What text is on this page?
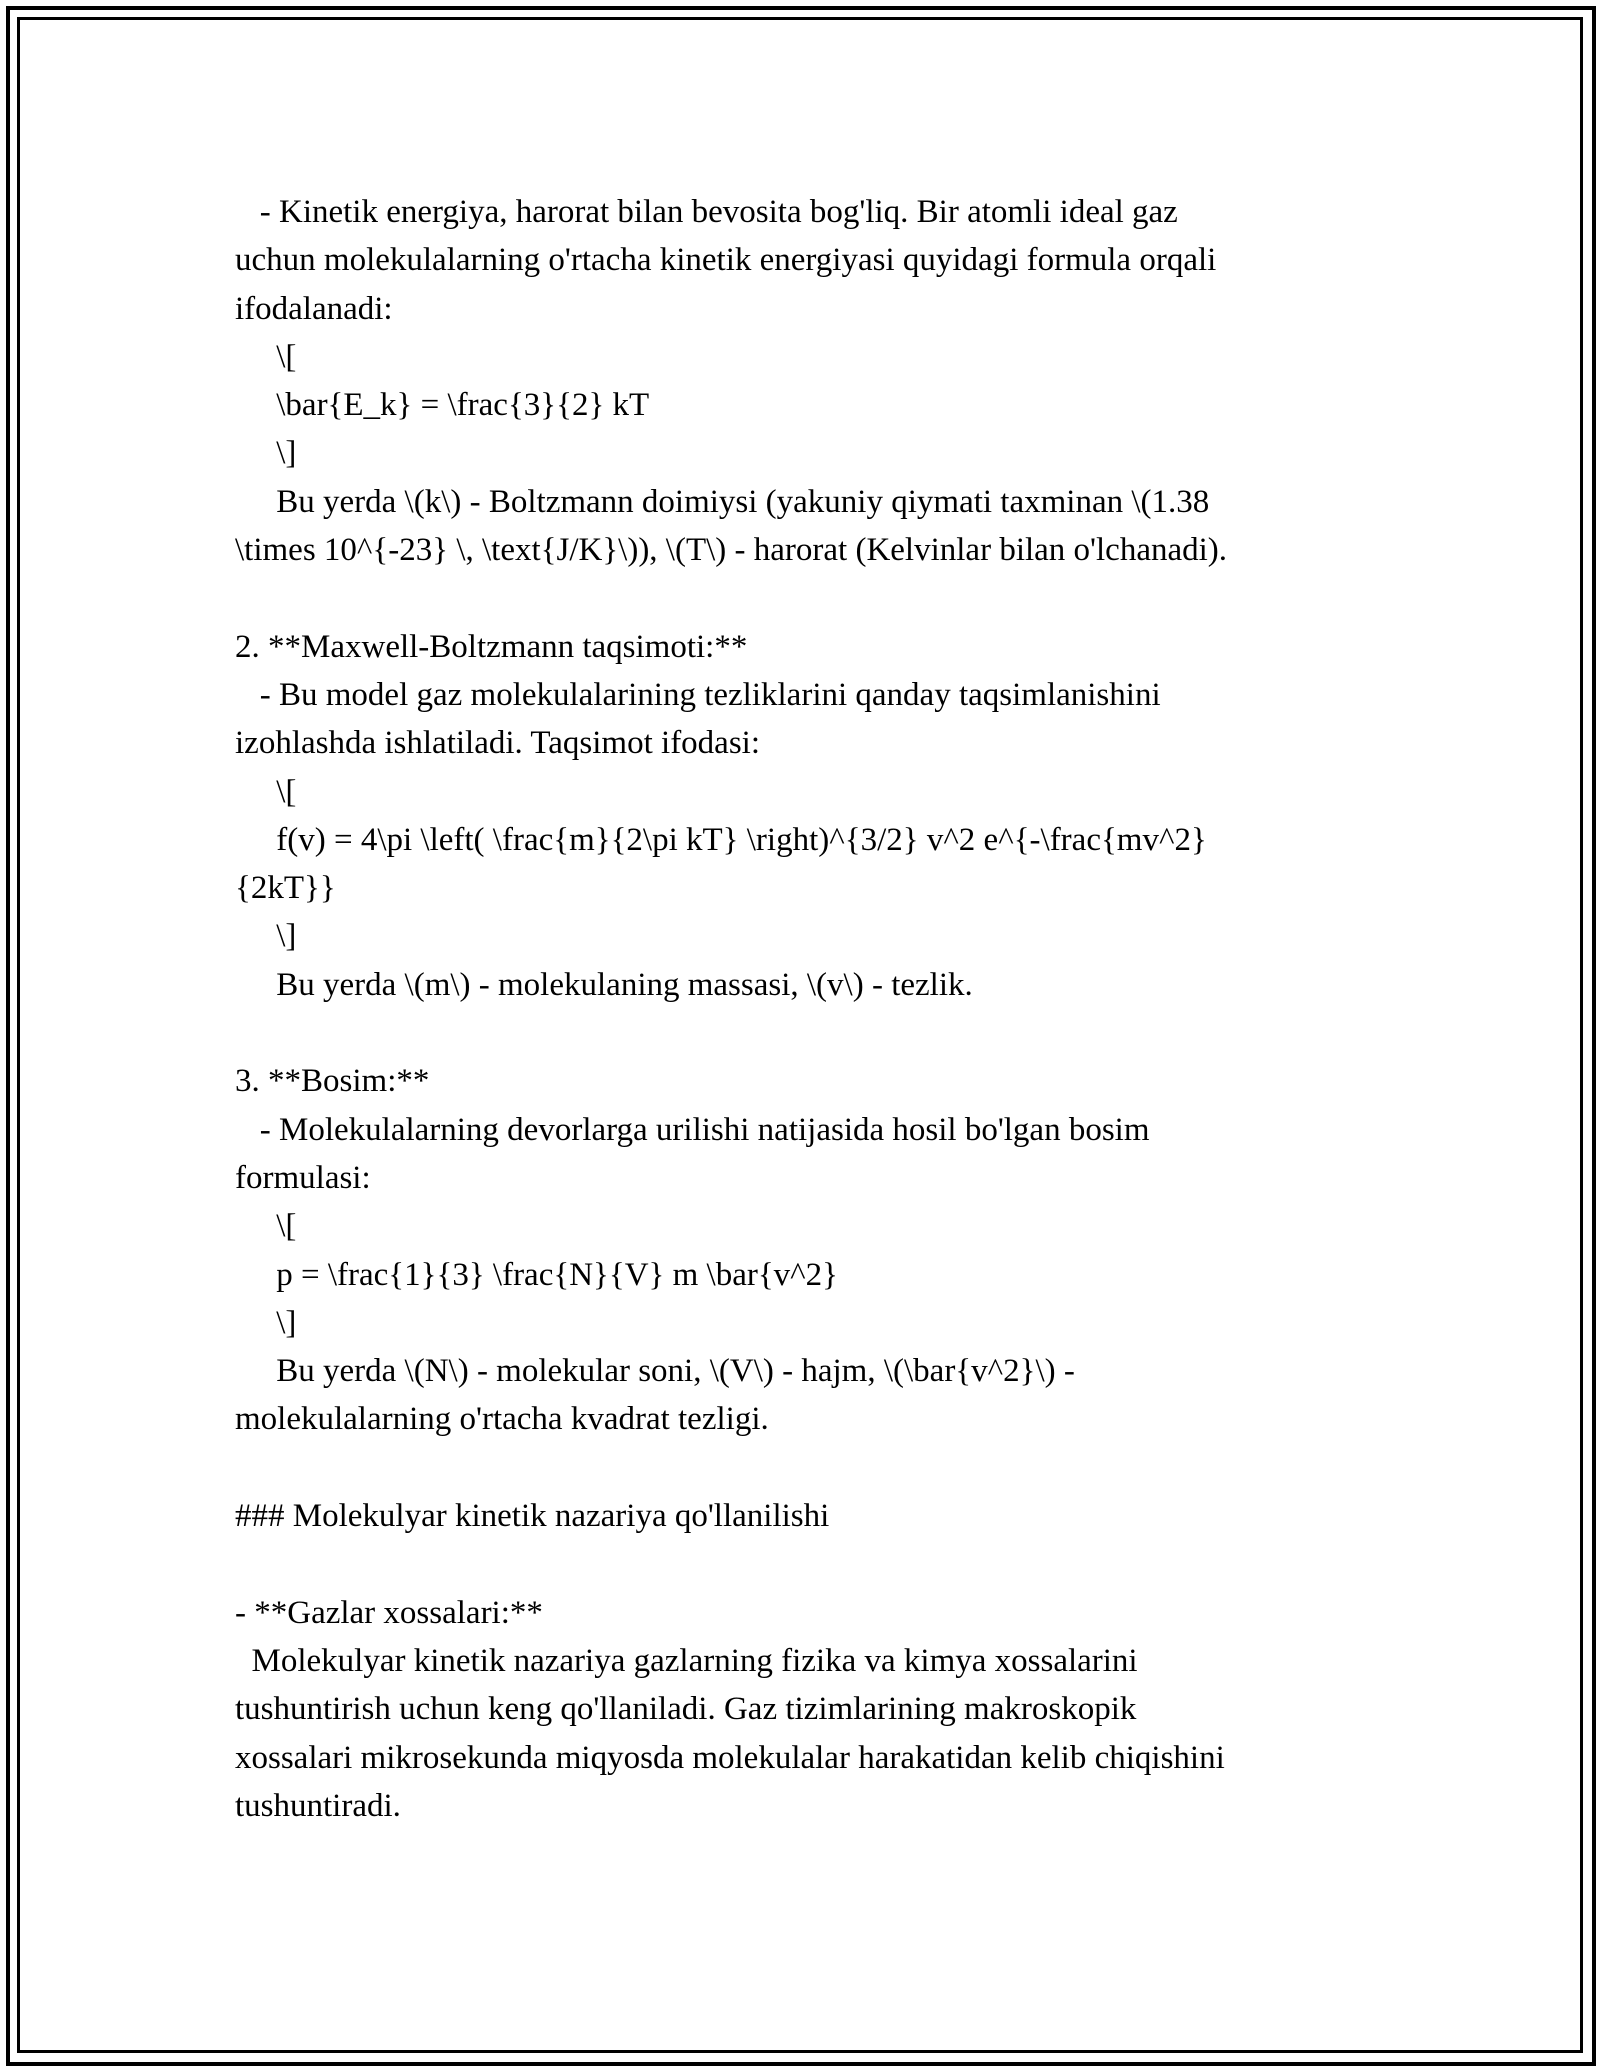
- Kinetik energiya, harorat bilan bevosita bog'liq. Bir atomli ideal gaz
uchun molekulalarning o'rtacha kinetik energiyasi quyidagi formula orqali
ifodalanadi:
\[
\bar{E_k} = \frac{3}{2} kT
\]
Bu yerda \(k\) - Boltzmann doimiysi (yakuniy qiymati taxminan \(1.38
\times 10^{-23} \, \text{J/K}\)), \(T\) - harorat (Kelvinlar bilan o'lchanadi).
2. **Maxwell-Boltzmann taqsimoti:**
- Bu model gaz molekulalarining tezliklarini qanday taqsimlanishini
izohlashda ishlatiladi. Taqsimot ifodasi:
\[
f(v) = 4\pi \left( \frac{m}{2\pi kT} \right)^{3/2} v^2 e^{-\frac{mv^2}
{2kT}}
\]
Bu yerda \(m\) - molekulaning massasi, \(v\) - tezlik.
3. **Bosim:**
- Molekulalarning devorlarga urilishi natijasida hosil bo'lgan bosim
formulasi:
\[
p = \frac{1}{3} \frac{N}{V} m \bar{v^2}
\]
Bu yerda \(N\) - molekular soni, \(V\) - hajm, \(\bar{v^2}\) -
molekulalarning o'rtacha kvadrat tezligi.
### Molekulyar kinetik nazariya qo'llanilishi
- **Gazlar xossalari:**
Molekulyar kinetik nazariya gazlarning fizika va kimya xossalarini
tushuntirish uchun keng qo'llaniladi. Gaz tizimlarining makroskopik
xossalari mikrosekunda miqyosda molekulalar harakatidan kelib chiqishini
tushuntiradi.
